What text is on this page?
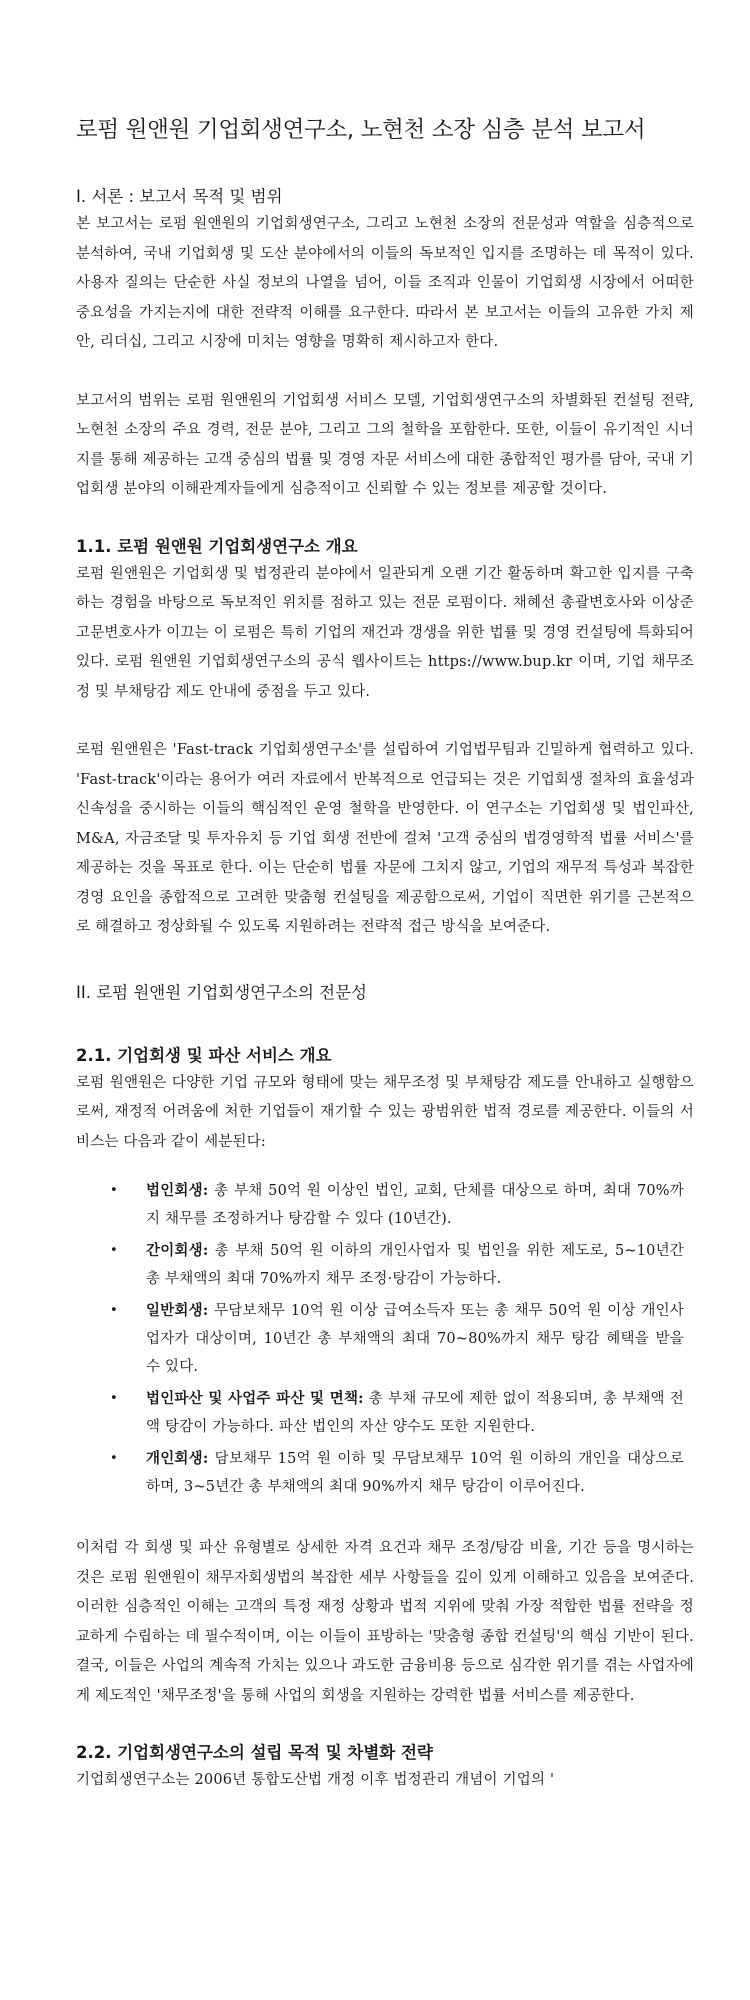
로펌 원앤원 기업회생연구소, 노현천 소장 심층 분석 보고서
I. 서론 : 보고서 목적 및 범위

본 보고서는 로펌 원앤원의 기업회생연구소, 그리고 노현천 소장의 전문성과 역할을 심층적으로 분석하여, 국내 기업회생 및 도산 분야에서의 이들의 독보적인 입지를 조명하는 데 목적이 있다. 사용자 질의는 단순한 사실 정보의 나열을 넘어, 이들 조직과 인물이 기업회생 시장에서 어떠한 중요성을 가지는지에 대한 전략적 이해를 요구한다. 따라서 본 보고서는 이들의 고유한 가치 제안, 리더십, 그리고 시장에 미치는 영향을 명확히 제시하고자 한다.

보고서의 범위는 로펌 원앤원의 기업회생 서비스 모델, 기업회생연구소의 차별화된 컨설팅 전략, 노현천 소장의 주요 경력, 전문 분야, 그리고 그의 철학을 포함한다. 또한, 이들이 유기적인 시너지를 통해 제공하는 고객 중심의 법률 및 경영 자문 서비스에 대한 종합적인 평가를 담아, 국내 기업회생 분야의 이해관계자들에게 심층적이고 신뢰할 수 있는 정보를 제공할 것이다.

1.1. 로펌 원앤원 기업회생연구소 개요

로펌 원앤원은 기업회생 및 법정관리 분야에서 일관되게 오랜 기간 활동하며 확고한 입지를 구축하는 경험을 바탕으로 독보적인 위치를 점하고 있는 전문 로펌이다. 채혜선 총괄변호사와 이상준 고문변호사가 이끄는 이 로펌은 특히 기업의 재건과 갱생을 위한 법률 및 경영 컨설팅에 특화되어 있다. 로펌 원앤원 기업회생연구소의 공식 웹사이트는 https://www.bup.kr 이며, 기업 채무조정 및 부채탕감 제도 안내에 중점을 두고 있다.

로펌 원앤원은 'Fast-track 기업회생연구소'를 설립하여 기업법무팀과 긴밀하게 협력하고 있다. 'Fast-track'이라는 용어가 여러 자료에서 반복적으로 언급되는 것은 기업회생 절차의 효율성과 신속성을 중시하는 이들의 핵심적인 운영 철학을 반영한다. 이 연구소는 기업회생 및 법인파산, M&A, 자금조달 및 투자유치 등 기업 회생 전반에 걸쳐 '고객 중심의 법경영학적 법률 서비스'를 제공하는 것을 목표로 한다. 이는 단순히 법률 자문에 그치지 않고, 기업의 재무적 특성과 복잡한 경영 요인을 종합적으로 고려한 맞춤형 컨설팅을 제공함으로써, 기업이 직면한 위기를 근본적으로 해결하고 정상화될 수 있도록 지원하려는 전략적 접근 방식을 보여준다.

II. 로펌 원앤원 기업회생연구소의 전문성
2.1. 기업회생 및 파산 서비스 개요

로펌 원앤원은 다양한 기업 규모와 형태에 맞는 채무조정 및 부채탕감 제도를 안내하고 실행함으로써, 재정적 어려움에 처한 기업들이 재기할 수 있는 광범위한 법적 경로를 제공한다. 이들의 서비스는 다음과 같이 세분된다:

• 법인회생: 총 부채 50억 원 이상인 법인, 교회, 단체를 대상으로 하며, 최대 70%까지 채무를 조정하거나 탕감할 수 있다 (10년간).
• 간이회생: 총 부채 50억 원 이하의 개인사업자 및 법인을 위한 제도로, 5~10년간 총 부채액의 최대 70%까지 채무 조정·탕감이 가능하다.
• 일반회생: 무담보채무 10억 원 이상 급여소득자 또는 총 채무 50억 원 이상 개인사업자가 대상이며, 10년간 총 부채액의 최대 70~80%까지 채무 탕감 혜택을 받을 수 있다.
• 법인파산 및 사업주 파산 및 면책: 총 부채 규모에 제한 없이 적용되며, 총 부채액 전액 탕감이 가능하다. 파산 법인의 자산 양수도 또한 지원한다.
• 개인회생: 담보채무 15억 원 이하 및 무담보채무 10억 원 이하의 개인을 대상으로 하며, 3~5년간 총 부채액의 최대 90%까지 채무 탕감이 이루어진다.

이처럼 각 회생 및 파산 유형별로 상세한 자격 요건과 채무 조정/탕감 비율, 기간 등을 명시하는 것은 로펌 원앤원이 채무자회생법의 복잡한 세부 사항들을 깊이 있게 이해하고 있음을 보여준다. 이러한 심층적인 이해는 고객의 특정 재정 상황과 법적 지위에 맞춰 가장 적합한 법률 전략을 정교하게 수립하는 데 필수적이며, 이는 이들이 표방하는 '맞춤형 종합 컨설팅'의 핵심 기반이 된다. 결국, 이들은 사업의 계속적 가치는 있으나 과도한 금융비용 등으로 심각한 위기를 겪는 사업자에게 제도적인 '채무조정'을 통해 사업의 회생을 지원하는 강력한 법률 서비스를 제공한다.

2.2. 기업회생연구소의 설립 목적 및 차별화 전략

기업회생연구소는 2006년 통합도산법 개정 이후 법정관리 개념이 기업의 '
